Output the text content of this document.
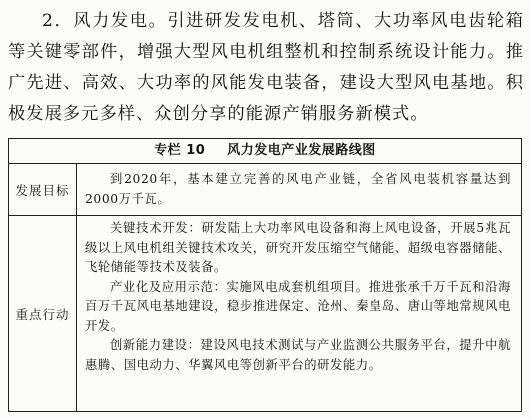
2．风力发电。引进研发发电机、塔筒、大功率风电齿轮箱等关键零部件，增强大型风电机组整机和控制系统设计能力。推广先进、高效、大功率的风能发电装备，建设大型风电基地。积极发展多元多样、众创分享的能源产销服务新模式。

专栏 10 风力发电产业发展路线图
发展目标

到2020年，基本建立完善的风电产业链，全省风电装机容量达到2000万千瓦。

重点行动

关键技术开发：研发陆上大功率风电设备和海上风电设备，开展5兆瓦级以上风电机组关键技术攻关，研究开发压缩空气储能、超级电容器储能、飞轮储能等技术及装备。

产业化及应用示范：实施风电成套机组项目。推进张承千万千瓦和沿海百万千瓦风电基地建设，稳步推进保定、沧州、秦皇岛、唐山等地常规风电开发。

创新能力建设：建设风电技术测试与产业监测公共服务平台，提升中航惠腾、国电动力、华翼风电等创新平台的研发能力。
